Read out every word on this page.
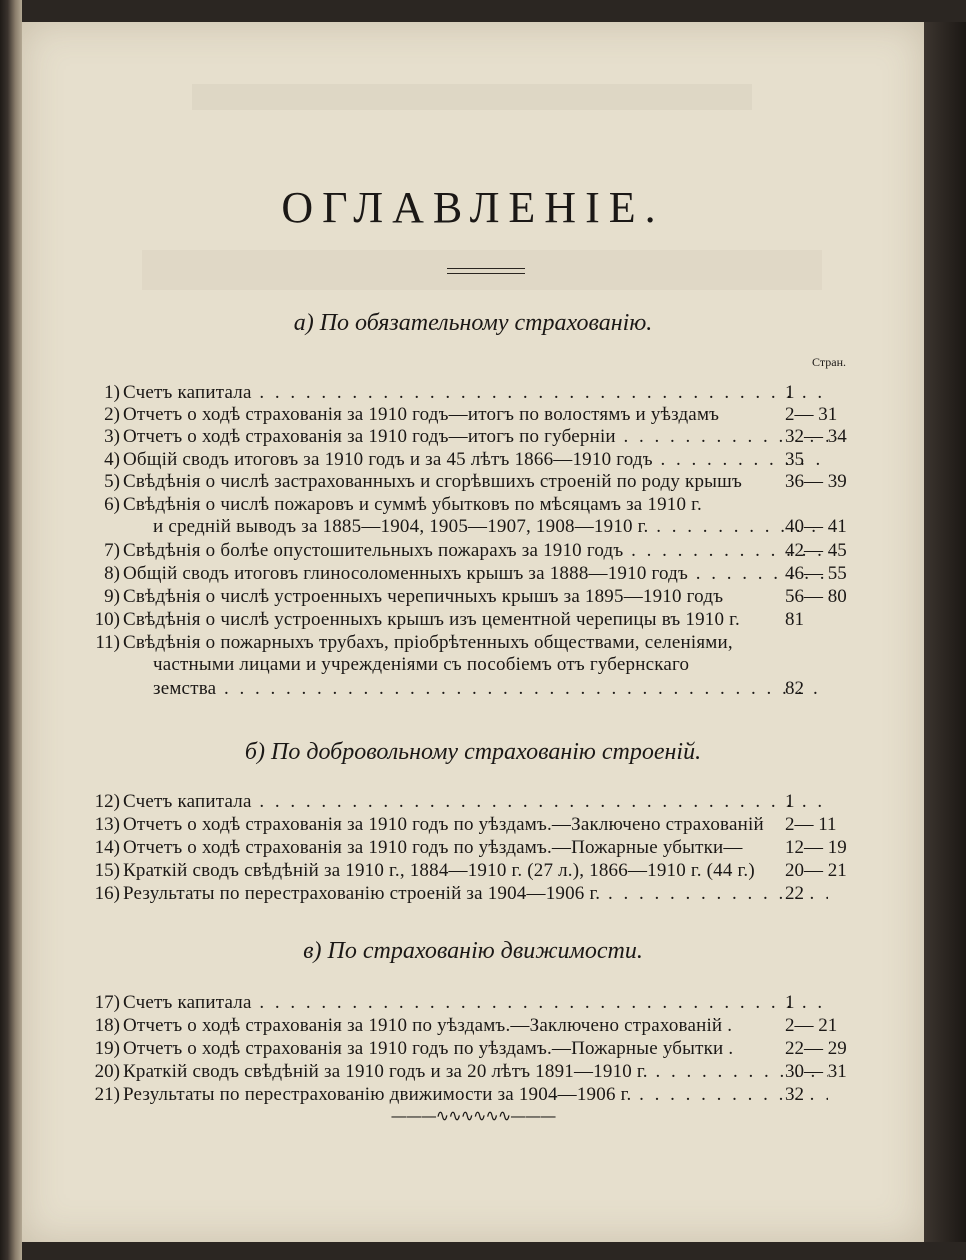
ОГЛАВЛЕНІЕ.
а) По обязательному страхованію.
Стран.
1) Счетъ капитала . . .	1
2) Отчетъ о ходѣ страхованія за 1910 годъ—итогъ по волостямъ и уѣздамъ	2— 31
3) Отчетъ о ходѣ страхованія за 1910 годъ—итогъ по губерніи . . .	32— 34
4) Общій сводъ итоговъ за 1910 годъ и за 45 лѣтъ 1866—1910 годъ . . .	35
5) Свѣдѣнія о числѣ застрахованныхъ и сгорѣвшихъ строеній по роду крышъ	36— 39
6) Свѣдѣнія о числѣ пожаровъ и суммѣ убытковъ по мѣсяцамъ за 1910 г.
и средній выводъ за 1885—1904, 1905—1907, 1908—1910 г. . . .	40— 41
7) Свѣдѣнія о болѣе опустошительныхъ пожарахъ за 1910 годъ . . .	42— 45
8) Общій сводъ итоговъ глиносоломенныхъ крышъ за 1888—1910 годъ . . .	46— 55
9) Свѣдѣнія о числѣ устроенныхъ черепичныхъ крышъ за 1895—1910 годъ	56— 80
10) Свѣдѣнія о числѣ устроенныхъ крышъ изъ цементной черепицы въ 1910 г.	81
11) Свѣдѣнія о пожарныхъ трубахъ, пріобрѣтенныхъ обществами, селеніями,
частными лицами и учрежденіями съ пособіемъ отъ губернскаго
земства . . .	82
б) По добровольному страхованію строеній.
12) Счетъ капитала . . .	1
13) Отчетъ о ходѣ страхованія за 1910 годъ по уѣздамъ.—Заключено страхованій	2— 11
14) Отчетъ о ходѣ страхованія за 1910 годъ по уѣздамъ.—Пожарные убытки—	12— 19
15) Краткій сводъ свѣдѣній за 1910 г., 1884—1910 г. (27 л.), 1866—1910 г. (44 г.)	20— 21
16) Результаты по перестрахованію строеній за 1904—1906 г. . . .	22
в) По страхованію движимости.
17) Счетъ капитала . . .	1
18) Отчетъ о ходѣ страхованія за 1910 по уѣздамъ.—Заключено страхованій .	2— 21
19) Отчетъ о ходѣ страхованія за 1910 годъ по уѣздамъ.—Пожарные убытки .	22— 29
20) Краткій сводъ свѣдѣній за 1910 годъ и за 20 лѣтъ 1891—1910 г. . . .	30— 31
21) Результаты по перестрахованію движимости за 1904—1906 г. . . .	32
———∿∿∿∿∿∿———
